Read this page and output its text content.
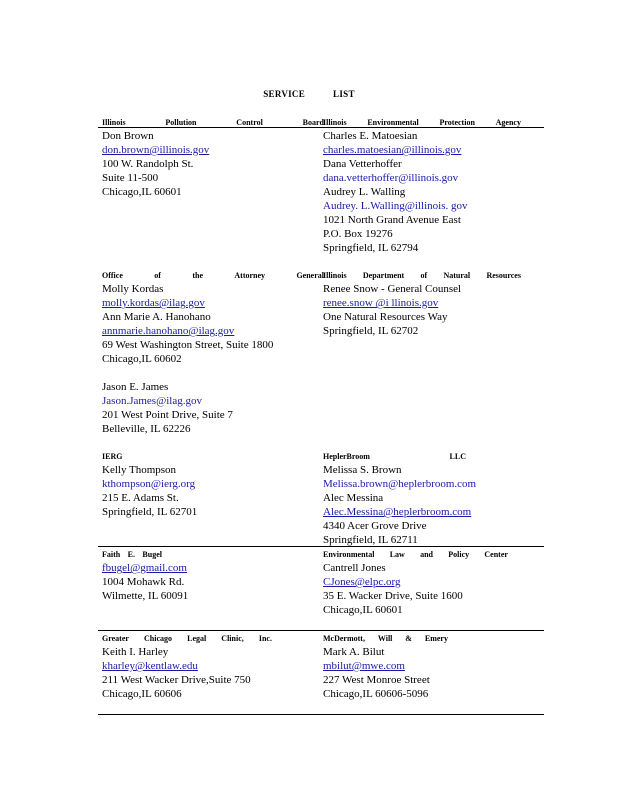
SERVICE	LIST
Illinois	Pollution	Control	Board
Don Brown
don.brown@illinois.gov
100 W. Randolph St.
Suite 11-500
Chicago,IL 60601
Illinois	Environmental	Protection	Agency
Charles E. Matoesian
charles.matoesian@illinois.gov
Dana Vetterhoffer
dana.vetterhoffer@illinois.gov
Audrey L. Walling
Audrey. L.Walling@illinois. gov
1021 North Grand Avenue East
P.O. Box 19276
Springfield, IL 62794
Office	of	the	Attorney	General
Molly Kordas
molly.kordas@ilag.gov
Ann Marie A. Hanohano
annmarie.hanohano@ilag.gov
69 West Washington Street, Suite 1800
Chicago,IL 60602
Jason E. James
Jason.James@ilag.gov
201 West Point Drive, Suite 7
Belleville, IL 62226
Illinois Department of Natural Resources
Renee Snow - General Counsel
renee.snow @i llinois.gov
One Natural Resources Way
Springfield, IL 62702
IERG
Kelly Thompson
kthompson@ierg.org
215 E. Adams St.
Springfield, IL 62701
HeplerBroom	LLC
Melissa S. Brown
Melissa.brown@heplerbroom.com
Alec Messina
Alec.Messina@heplerbroom.com
4340 Acer Grove Drive
Springfield, IL 62711
Faith E. Bugel
fbugel@gmail.com
1004 Mohawk Rd.
Wilmette, IL 60091
Environmental Law and Policy Center
Cantrell Jones
CJones@elpc.org
35 E. Wacker Drive, Suite 1600
Chicago,IL 60601
Greater Chicago Legal Clinic, Inc.
Keith I. Harley
kharley@kentlaw.edu
211 West Wacker Drive,Suite 750
Chicago,IL 60606
McDermott, Will & Emery
Mark A. Bilut
mbilut@mwe.com
227 West Monroe Street
Chicago,IL 60606-5096
